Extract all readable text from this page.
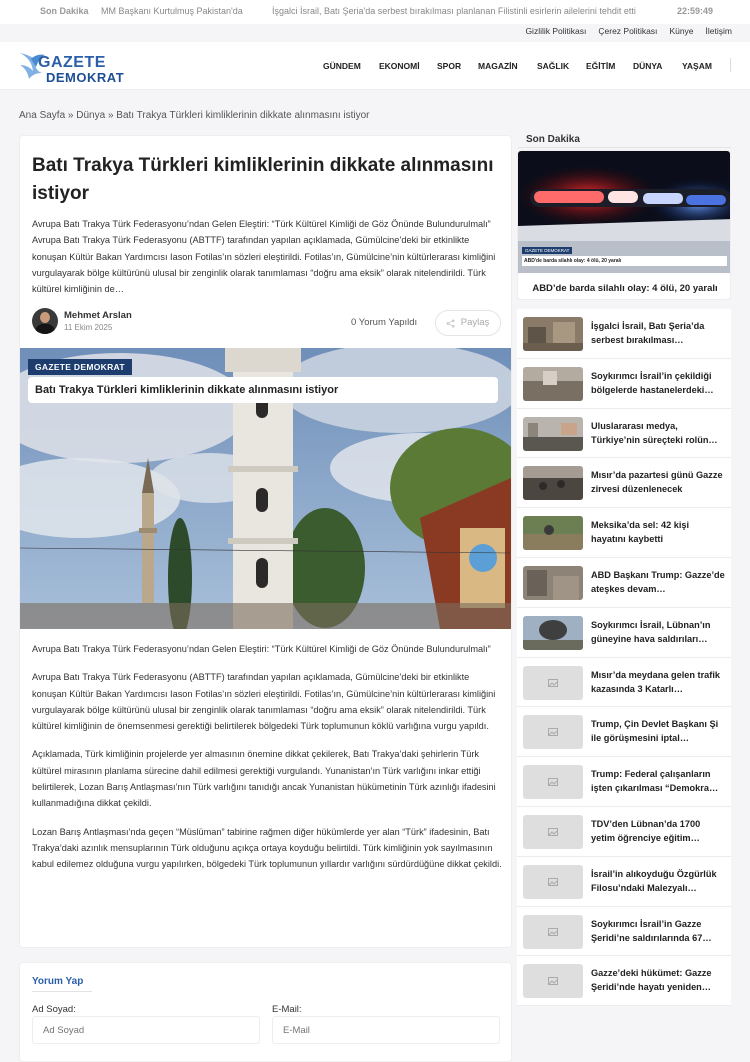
Son Dakika MM Başkanı Kurtulmuş Pakistan'da	İşgalci İsrail, Batı Şeria'da serbest bırakılması planlanan Filistinli esirlerin ailelerini tehdit etti	22:59:49
Gizlilik Politikası Çerez Politikası Künye İletişim
GAZETE
DEMOKRAT
GÜNDEM EKONOMİ SPOR MAGAZİN SAĞLIK EĞİTİM DÜNYA YAŞAM
Ana Sayfa » Dünya » Batı Trakya Türkleri kimliklerinin dikkate alınmasını istiyor
Batı Trakya Türkleri kimliklerinin dikkate alınmasını istiyor

Avrupa Batı Trakya Türk Federasyonu’ndan Gelen Eleştiri: “Türk Kültürel Kimliği de Göz Önünde Bulundurulmalı” Avrupa Batı Trakya Türk Federasyonu (ABTTF) tarafından yapılan açıklamada, Gümülcine’deki bir etkinlikte konuşan Kültür Bakan Yardımcısı Iason Fotilas’ın sözleri eleştirildi. Fotilas’ın, Gümülcine’nin kültürlerarası kimliğini vurgulayarak bölge kültürünü ulusal bir zenginlik olarak tanımlaması “doğru ama eksik” olarak nitelendirildi. Türk kültürel kimliğinin de…

Mehmet Arslan
11 Ekim 2025	0 Yorum Yapıldı	Paylaş
GAZETE DEMOKRAT
Batı Trakya Türkleri kimliklerinin dikkate alınmasını istiyor

Avrupa Batı Trakya Türk Federasyonu’ndan Gelen Eleştiri: “Türk Kültürel Kimliği de Göz Önünde Bulundurulmalı”

Avrupa Batı Trakya Türk Federasyonu (ABTTF) tarafından yapılan açıklamada, Gümülcine’deki bir etkinlikte konuşan Kültür Bakan Yardımcısı Iason Fotilas’ın sözleri eleştirildi. Fotilas’ın, Gümülcine’nin kültürlerarası kimliğini vurgulayarak bölge kültürünü ulusal bir zenginlik olarak tanımlaması “doğru ama eksik” olarak nitelendirildi. Türk kültürel kimliğinin de önemsenmesi gerektiği belirtilerek bölgedeki Türk toplumunun köklü varlığına vurgu yapıldı.

Açıklamada, Türk kimliğinin projelerde yer almasının önemine dikkat çekilerek, Batı Trakya’daki şehirlerin Türk kültürel mirasının planlama sürecine dahil edilmesi gerektiği vurgulandı. Yunanistan’ın Türk varlığını inkar ettiği belirtilerek, Lozan Barış Antlaşması’nın Türk varlığını tanıdığı ancak Yunanistan hükümetinin Türk azınlığı ifadesini kullanmadığına dikkat çekildi.

Lozan Barış Antlaşması’nda geçen “Müslüman” tabirine rağmen diğer hükümlerde yer alan “Türk” ifadesinin, Batı Trakya’daki azınlık mensuplarının Türk olduğunu açıkça ortaya koyduğu belirtildi. Türk kimliğinin yok sayılmasının kabul edilemez olduğuna vurgu yapılırken, bölgedeki Türk toplumunun yıllardır varlığını sürdürdüğüne dikkat çekildi.

Yorum Yap
Ad Soyad:	E-Mail:
Ad Soyad
E-Mail
Son Dakika
GAZETE DEMOKRAT
ABD'de barda silahlı olay: 4 ölü, 20 yaralı
ABD’de barda silahlı olay: 4 ölü, 20 yaralı
İşgalci İsrail, Batı Şeria’da serbest bırakılması…
Soykırımcı İsrail’in çekildiği bölgelerde hastanelerdeki…
Uluslararası medya, Türkiye’nin süreçteki rolün…
Mısır’da pazartesi günü Gazze zirvesi düzenlenecek
Meksika’da sel: 42 kişi hayatını kaybetti
ABD Başkanı Trump: Gazze’de ateşkes devam…
Soykırımcı İsrail, Lübnan’ın güneyine hava saldırıları…
Mısır’da meydana gelen trafik kazasında 3 Katarlı…
Trump, Çin Devlet Başkanı Şi ile görüşmesini iptal…
Trump: Federal çalışanların işten çıkarılması “Demokra…
TDV’den Lübnan’da 1700 yetim öğrenciye eğitim…
İsrail’in alıkoyduğu Özgürlük Filosu’ndaki Malezyalı…
Soykırımcı İsrail’in Gazze Şeridi’ne saldırılarında 67…
Gazze’deki hükümet: Gazze Şeridi’nde hayatı yeniden…
